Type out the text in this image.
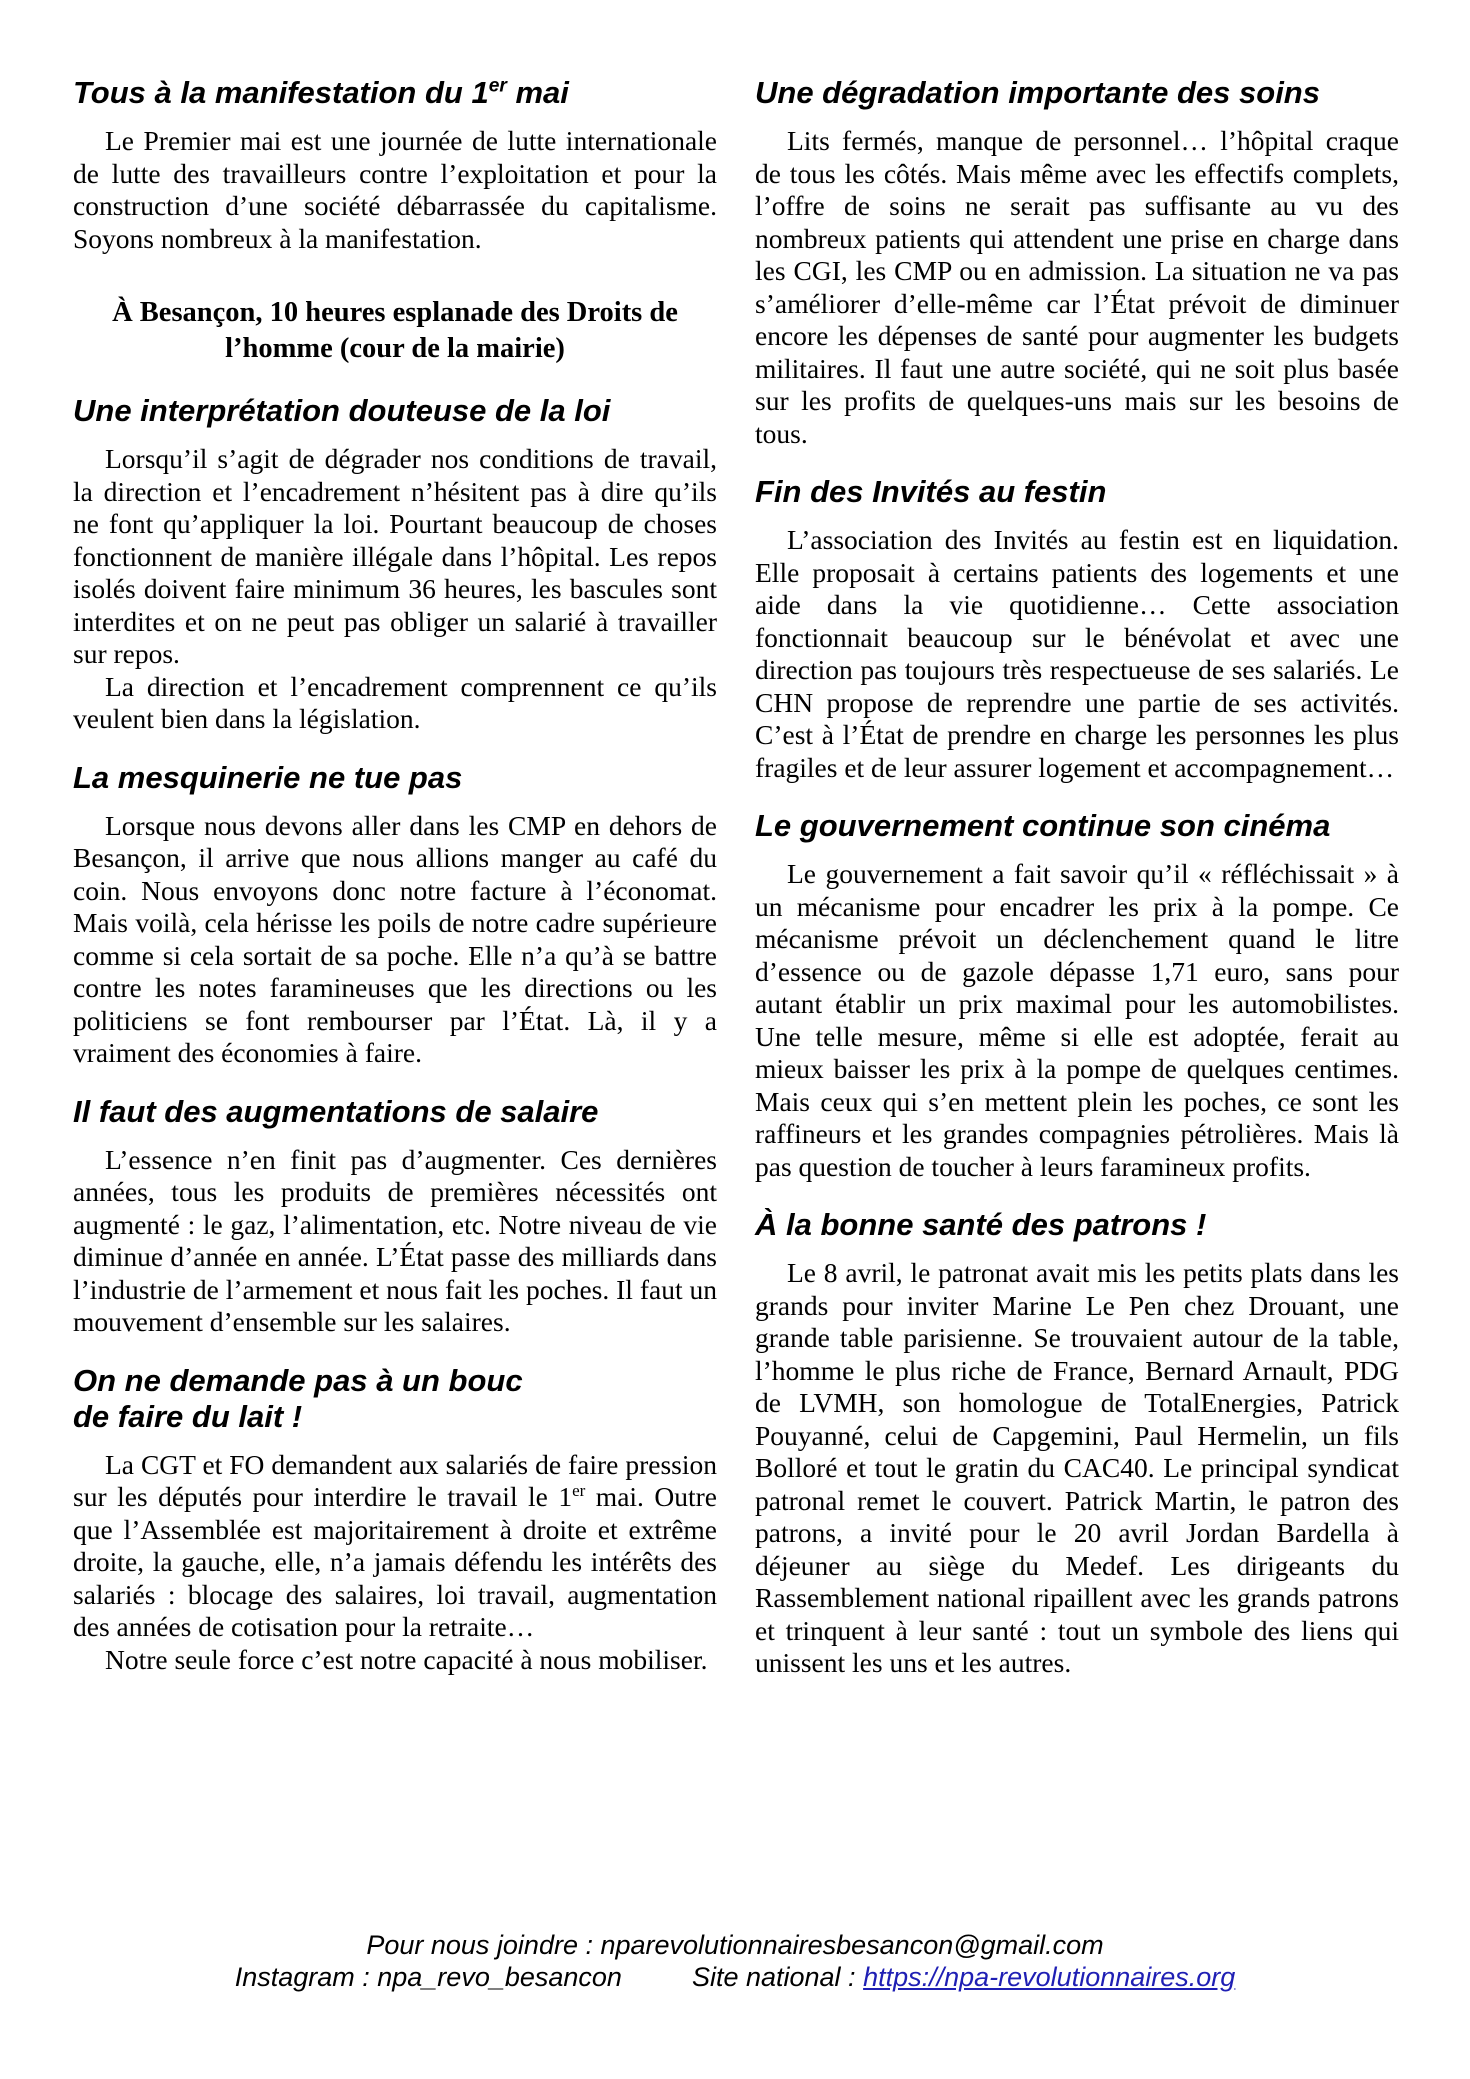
Tous à la manifestation du 1er mai

Le Premier mai est une journée de lutte internationale de lutte des travailleurs contre l’exploitation et pour la construction d’une société débarrassée du capitalisme. Soyons nombreux à la manifestation.

À Besançon, 10 heures esplanade des Droits de
l’homme (cour de la mairie)
Une interprétation douteuse de la loi

Lorsqu’il s’agit de dégrader nos conditions de travail, la direction et l’encadrement n’hésitent pas à dire qu’ils ne font qu’appliquer la loi. Pourtant beaucoup de choses fonctionnent de manière illégale dans l’hôpital. Les repos isolés doivent faire minimum 36 heures, les bascules sont interdites et on ne peut pas obliger un salarié à travailler sur repos.

La direction et l’encadrement comprennent ce qu’ils veulent bien dans la législation.

La mesquinerie ne tue pas

Lorsque nous devons aller dans les CMP en dehors de Besançon, il arrive que nous allions manger au café du coin. Nous envoyons donc notre facture à l’économat. Mais voilà, cela hérisse les poils de notre cadre supérieure comme si cela sortait de sa poche. Elle n’a qu’à se battre contre les notes faramineuses que les directions ou les politiciens se font rembourser par l’État. Là, il y a vraiment des économies à faire.

Il faut des augmentations de salaire

L’essence n’en finit pas d’augmenter. Ces dernières années, tous les produits de premières nécessités ont augmenté : le gaz, l’alimentation, etc. Notre niveau de vie diminue d’année en année. L’État passe des milliards dans l’industrie de l’armement et nous fait les poches. Il faut un mouvement d’ensemble sur les salaires.

On ne demande pas à un bouc
de faire du lait !

La CGT et FO demandent aux salariés de faire pression sur les députés pour interdire le travail le 1er mai. Outre que l’Assemblée est majoritairement à droite et extrême droite, la gauche, elle, n’a jamais défendu les intérêts des salariés : blocage des salaires, loi travail, augmentation des années de cotisation pour la retraite…

Notre seule force c’est notre capacité à nous mobiliser.

Une dégradation importante des soins

Lits fermés, manque de personnel… l’hôpital craque de tous les côtés. Mais même avec les effectifs complets, l’offre de soins ne serait pas suffisante au vu des nombreux patients qui attendent une prise en charge dans les CGI, les CMP ou en admission. La situation ne va pas s’améliorer d’elle-même car l’État prévoit de diminuer encore les dépenses de santé pour augmenter les budgets militaires. Il faut une autre société, qui ne soit plus basée sur les profits de quelques-uns mais sur les besoins de tous.

Fin des Invités au festin

L’association des Invités au festin est en liquidation. Elle proposait à certains patients des logements et une aide dans la vie quotidienne… Cette association fonctionnait beaucoup sur le bénévolat et avec une direction pas toujours très respectueuse de ses salariés. Le CHN propose de reprendre une partie de ses activités. C’est à l’État de prendre en charge les personnes les plus fragiles et de leur assurer logement et accompagnement…

Le gouvernement continue son cinéma

Le gouvernement a fait savoir qu’il « réfléchissait » à un mécanisme pour encadrer les prix à la pompe. Ce mécanisme prévoit un déclenchement quand le litre d’essence ou de gazole dépasse 1,71 euro, sans pour autant établir un prix maximal pour les automobilistes. Une telle mesure, même si elle est adoptée, ferait au mieux baisser les prix à la pompe de quelques centimes. Mais ceux qui s’en mettent plein les poches, ce sont les raffineurs et les grandes compagnies pétrolières. Mais là pas question de toucher à leurs faramineux profits.

À la bonne santé des patrons !

Le 8 avril, le patronat avait mis les petits plats dans les grands pour inviter Marine Le Pen chez Drouant, une grande table parisienne. Se trouvaient autour de la table, l’homme le plus riche de France, Bernard Arnault, PDG de LVMH, son homologue de TotalEnergies, Patrick Pouyanné, celui de Capgemini, Paul Hermelin, un fils Bolloré et tout le gratin du CAC40. Le principal syndicat patronal remet le couvert. Patrick Martin, le patron des patrons, a invité pour le 20 avril Jordan Bardella à déjeuner au siège du Medef. Les dirigeants du Rassemblement national ripaillent avec les grands patrons et trinquent à leur santé : tout un symbole des liens qui unissent les uns et les autres.

Pour nous joindre : nparevolutionnairesbesancon@gmail.com
Instagram : npa_revo_besancon	Site national : https://npa-revolutionnaires.org
